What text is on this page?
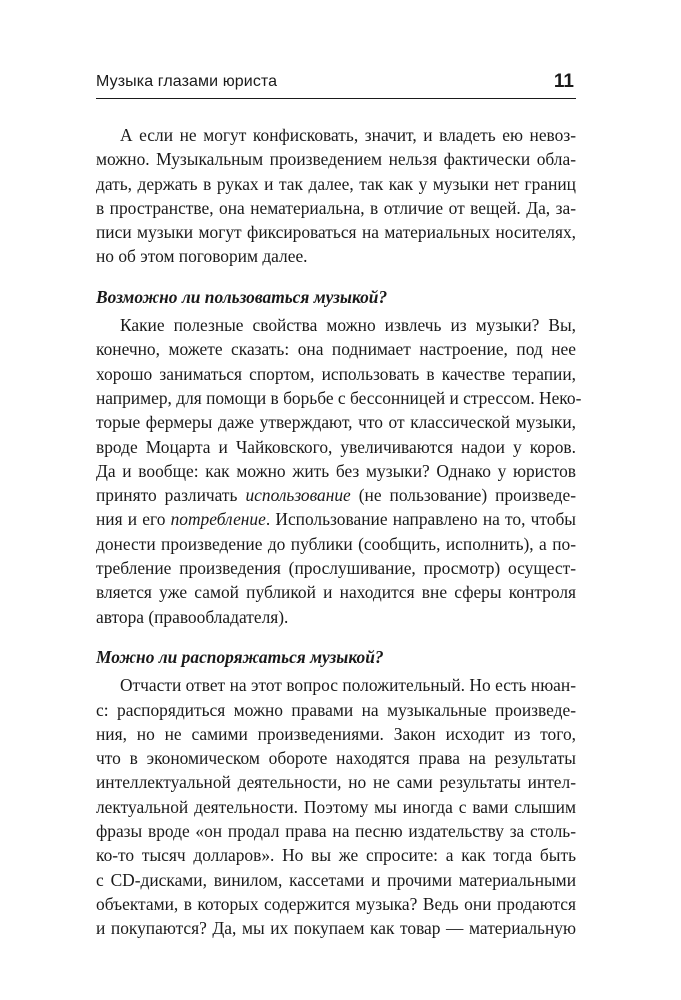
Музыка глазами юриста	11
А если не могут конфисковать, значит, и владеть ею невоз-
можно. Музыкальным произведением нельзя фактически обла-
дать, держать в руках и так далее, так как у музыки нет границ
в пространстве, она нематериальна, в отличие от вещей. Да, за-
писи музыки могут фиксироваться на материальных носителях,
но об этом поговорим далее.
Возможно ли пользоваться музыкой?
Какие полезные свойства можно извлечь из музыки? Вы,
конечно, можете сказать: она поднимает настроение, под нее
хорошо заниматься спортом, использовать в качестве терапии,
например, для помощи в борьбе с бессонницей и стрессом. Неко-
торые фермеры даже утверждают, что от классической музыки,
вроде Моцарта и Чайковского, увеличиваются надои у коров.
Да и вообще: как можно жить без музыки? Однако у юристов
принято различать использование (не пользование) произведе-
ния и его потребление. Использование направлено на то, чтобы
донести произведение до публики (сообщить, исполнить), а по-
требление произведения (прослушивание, просмотр) осущест-
вляется уже самой публикой и находится вне сферы контроля
автора (правообладателя).
Можно ли распоряжаться музыкой?
Отчасти ответ на этот вопрос положительный. Но есть нюан-
с: распорядиться можно правами на музыкальные произведе-
ния, но не самими произведениями. Закон исходит из того,
что в экономическом обороте находятся права на результаты
интеллектуальной деятельности, но не сами результаты интел-
лектуальной деятельности. Поэтому мы иногда с вами слышим
фразы вроде «он продал права на песню издательству за столь-
ко-то тысяч долларов». Но вы же спросите: а как тогда быть
с CD-дисками, винилом, кассетами и прочими материальными
объектами, в которых содержится музыка? Ведь они продаются
и покупаются? Да, мы их покупаем как товар — материальную
